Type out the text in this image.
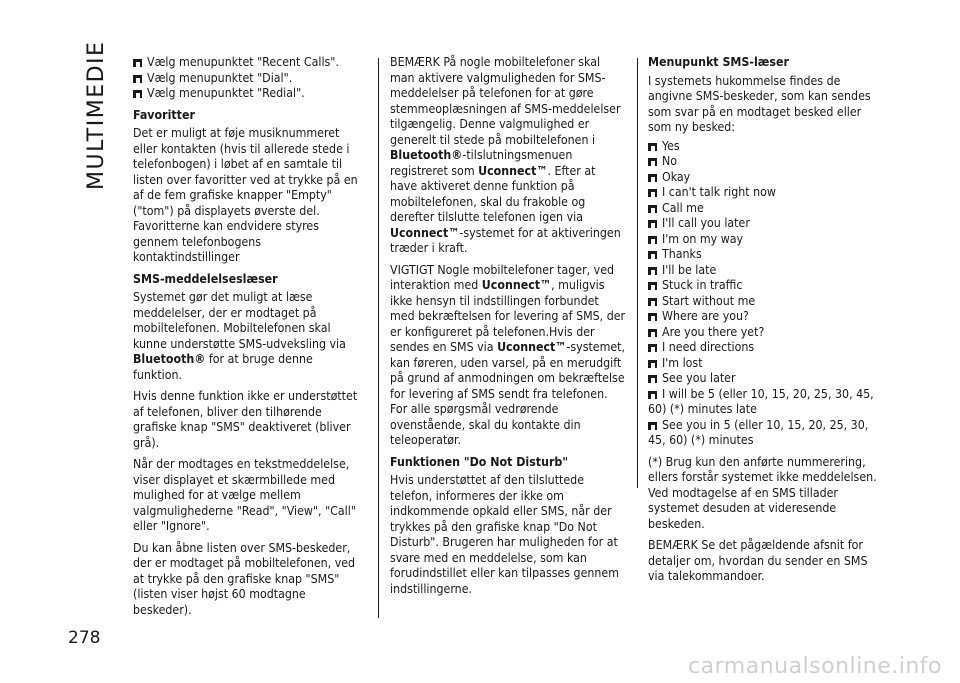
MULTIMEDIE
278
Vælg menupunktet "Recent Calls".
Vælg menupunktet "Dial".
Vælg menupunktet "Redial".

Favoritter

Det er muligt at føje musiknummeret eller kontakten (hvis til allerede stede i telefonbogen) i løbet af en samtale til listen over favoritter ved at trykke på en af de fem grafiske knapper "Empty" ("tom") på displayets øverste del. Favoritterne kan endvidere styres gennem telefonbogens kontaktindstillinger

SMS-meddelelseslæser

Systemet gør det muligt at læse meddelelser, der er modtaget på mobiltelefonen. Mobiltelefonen skal kunne understøtte SMS-udveksling via Bluetooth® for at bruge denne funktion.

Hvis denne funktion ikke er understøttet af telefonen, bliver den tilhørende grafiske knap "SMS" deaktiveret (bliver grå).

Når der modtages en tekstmeddelelse, viser displayet et skærmbillede med mulighed for at vælge mellem valgmulighederne "Read", "View", "Call" eller "Ignore".

Du kan åbne listen over SMS-beskeder, der er modtaget på mobiltelefonen, ved at trykke på den grafiske knap "SMS" (listen viser højst 60 modtagne beskeder).

BEMÆRK På nogle mobiltelefoner skal man aktivere valgmuligheden for SMS-meddelelser på telefonen for at gøre stemmeoplæsningen af SMS-meddelelser tilgængelig. Denne valgmulighed er generelt til stede på mobiltelefonen i Bluetooth®-tilslutningsmenuen registreret som Uconnect™. Efter at have aktiveret denne funktion på mobiltelefonen, skal du frakoble og derefter tilslutte telefonen igen via Uconnect™-systemet for at aktiveringen træder i kraft.

VIGTIGT Nogle mobiltelefoner tager, ved interaktion med Uconnect™, muligvis ikke hensyn til indstillingen forbundet med bekræftelsen for levering af SMS, der er konfigureret på telefonen.Hvis der sendes en SMS via Uconnect™-systemet, kan føreren, uden varsel, på en merudgift på grund af anmodningen om bekræftelse for levering af SMS sendt fra telefonen. For alle spørgsmål vedrørende ovenstående, skal du kontakte din teleoperatør.

Funktionen "Do Not Disturb"

Hvis understøttet af den tilsluttede telefon, informeres der ikke om indkommende opkald eller SMS, når der trykkes på den grafiske knap "Do Not Disturb". Brugeren har muligheden for at svare med en meddelelse, som kan forudindstillet eller kan tilpasses gennem indstillingerne.

Menupunkt SMS-læser

I systemets hukommelse findes de angivne SMS-beskeder, som kan sendes som svar på en modtaget besked eller som ny besked:

Yes
No
Okay
I can't talk right now
Call me
I'll call you later
I'm on my way
Thanks
I'll be late
Stuck in traffic
Start without me
Where are you?
Are you there yet?
I need directions
I'm lost
See you later
I will be 5 (eller 10, 15, 20, 25, 30, 45, 60) (*) minutes late
See you in 5 (eller 10, 15, 20, 25, 30, 45, 60) (*) minutes

(*) Brug kun den anførte nummerering, ellers forstår systemet ikke meddelelsen. Ved modtagelse af en SMS tillader systemet desuden at videresende beskeden.

BEMÆRK Se det pågældende afsnit for detaljer om, hvordan du sender en SMS via talekommandoer.

carmanualsonline.info
